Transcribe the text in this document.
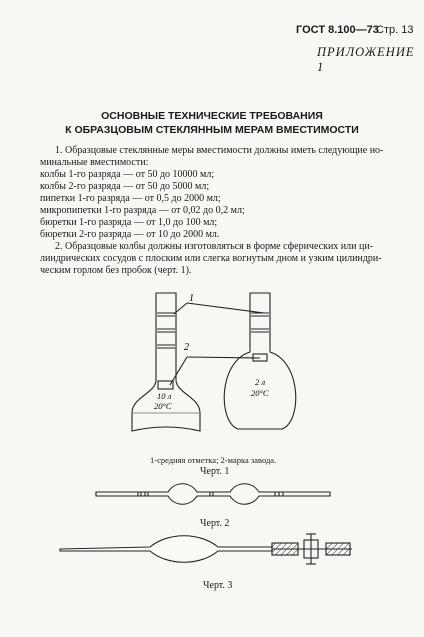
ГОСТ 8.100—73
Стр. 13
ПРИЛОЖЕНИЕ 1
ОСНОВНЫЕ ТЕХНИЧЕСКИЕ ТРЕБОВАНИЯ
К ОБРАЗЦОВЫМ СТЕКЛЯННЫМ МЕРАМ ВМЕСТИМОСТИ
1. Образцовые стеклянные меры вместимости должны иметь следующие но-
минальные вместимости:
колбы 1-го разряда — от 50 до 10000 мл;
колбы 2-го разряда — от 50 до 5000 мл;
пипетки 1-го разряда — от 0,5 до 2000 мл;
микропипетки 1-го разряда — от 0,02 до 0,2 мл;
бюретки 1-го разряда — от 1,0 до 100 мл;
бюретки 2-го разряда — от 10 до 2000 мл.
2. Образцовые колбы должны изготовляться в форме сферических или ци-
линдрических сосудов с плоским или слегка вогнутым дном и узким цилиндри-
ческим горлом без пробок (черт. 1).
1
2
10 л
20°С
2 л
20°С
1-средняя отметка; 2-марка завода.
Черт. 1
Черт. 2
Черт. 3
